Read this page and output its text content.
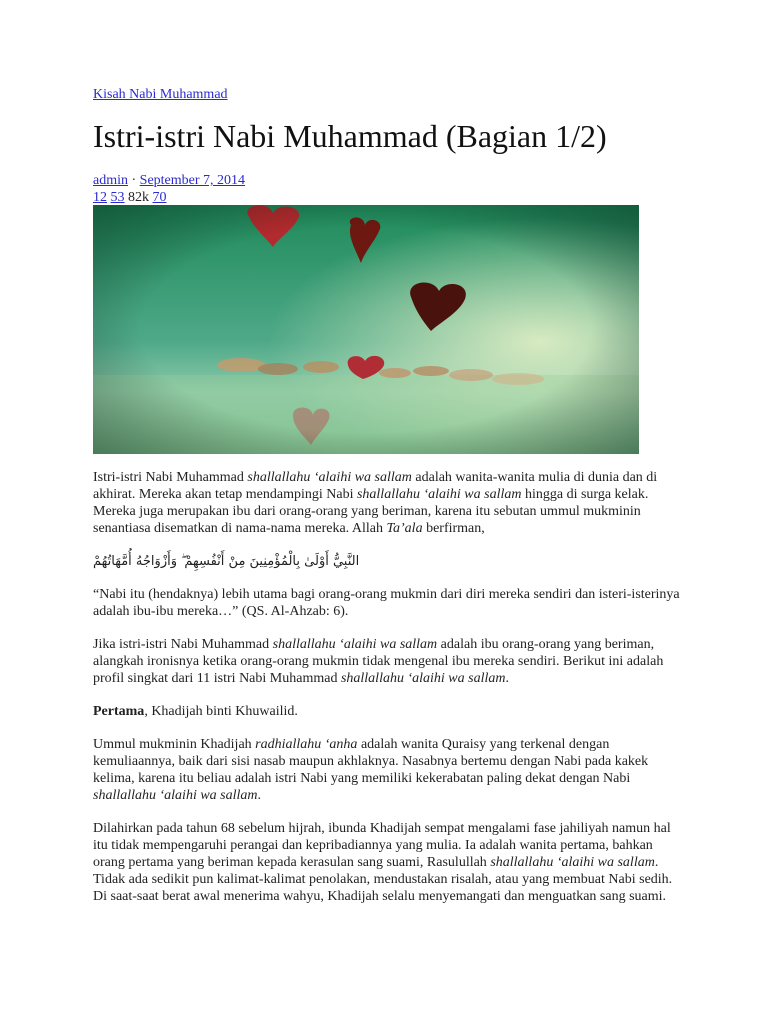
Kisah Nabi Muhammad
Istri-istri Nabi Muhammad (Bagian 1/2)
admin · September 7, 2014
12 53 82k 70

Istri-istri Nabi Muhammad shallallahu ‘alaihi wa sallam adalah wanita-wanita mulia di dunia dan di akhirat. Mereka akan tetap mendampingi Nabi shallallahu ‘alaihi wa sallam hingga di surga kelak. Mereka juga merupakan ibu dari orang-orang yang beriman, karena itu sebutan ummul mukminin senantiasa disematkan di nama-nama mereka. Allah Ta’ala berfirman,

النَّبِيُّ أَوْلَىٰ بِالْمُؤْمِنِينَ مِنْ أَنْفُسِهِمْ ۖ وَأَزْوَاجُهُ أُمَّهَاتُهُمْ

“Nabi itu (hendaknya) lebih utama bagi orang-orang mukmin dari diri mereka sendiri dan isteri-isterinya adalah ibu-ibu mereka…” (QS. Al-Ahzab: 6).

Jika istri-istri Nabi Muhammad shallallahu ‘alaihi wa sallam adalah ibu orang-orang yang beriman, alangkah ironisnya ketika orang-orang mukmin tidak mengenal ibu mereka sendiri. Berikut ini adalah profil singkat dari 11 istri Nabi Muhammad shallallahu ‘alaihi wa sallam.

Pertama, Khadijah binti Khuwailid.

Ummul mukminin Khadijah radhiallahu ‘anha adalah wanita Quraisy yang terkenal dengan kemuliaannya, baik dari sisi nasab maupun akhlaknya. Nasabnya bertemu dengan Nabi pada kakek kelima, karena itu beliau adalah istri Nabi yang memiliki kekerabatan paling dekat dengan Nabi shallallahu ‘alaihi wa sallam.

Dilahirkan pada tahun 68 sebelum hijrah, ibunda Khadijah sempat mengalami fase jahiliyah namun hal itu tidak mempengaruhi perangai dan kepribadiannya yang mulia. Ia adalah wanita pertama, bahkan orang pertama yang beriman kepada kerasulan sang suami, Rasulullah shallallahu ‘alaihi wa sallam. Tidak ada sedikit pun kalimat-kalimat penolakan, mendustakan risalah, atau yang membuat Nabi sedih. Di saat-saat berat awal menerima wahyu, Khadijah selalu menyemangati dan menguatkan sang suami.
